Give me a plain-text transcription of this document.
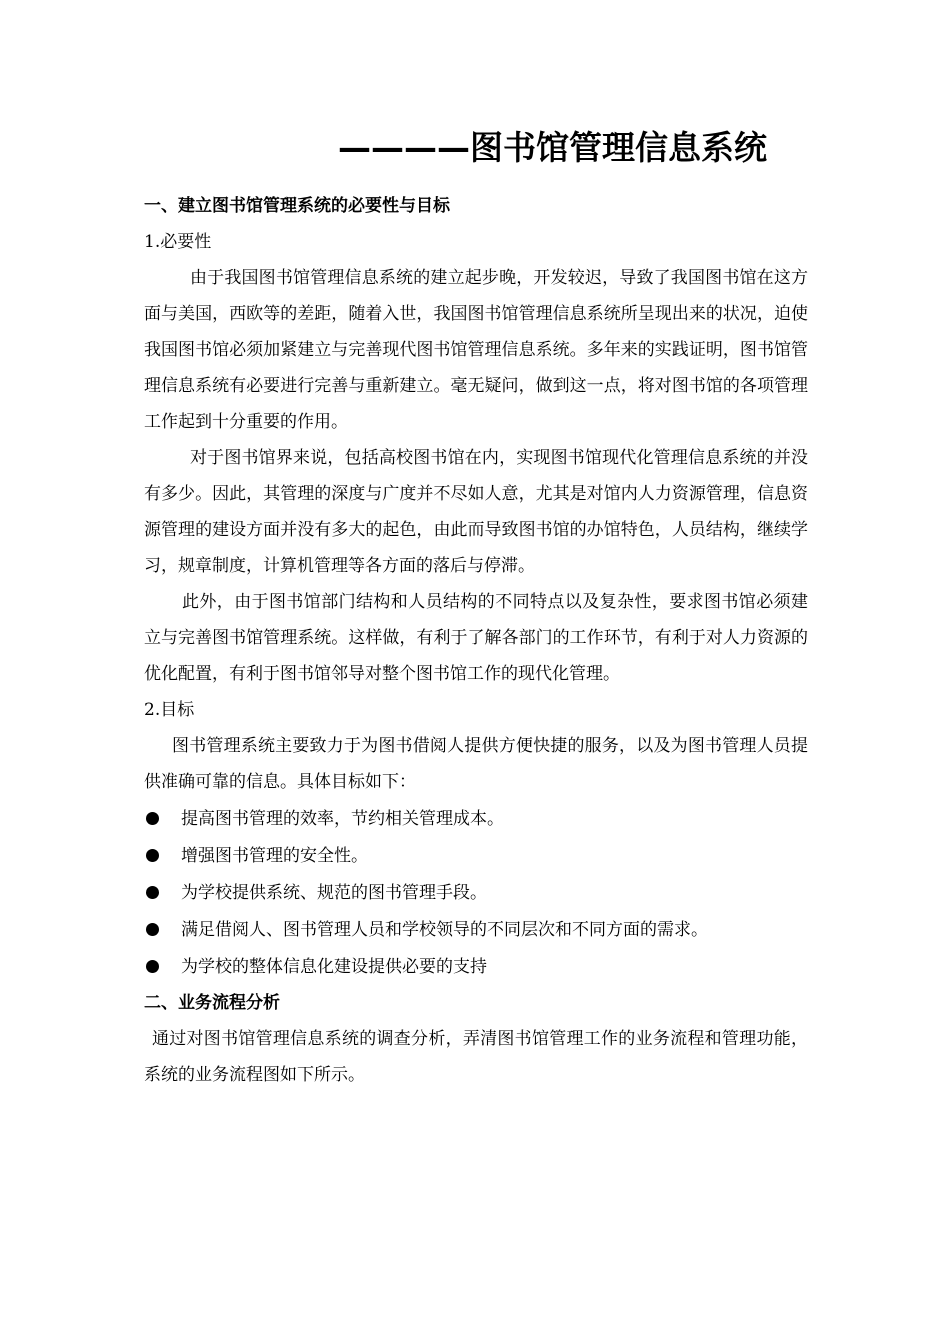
————图书馆管理信息系统

一、建立图书馆管理系统的必要性与目标

1.必要性

由于我国图书馆管理信息系统的建立起步晚，开发较迟，导致了我国图书馆在这方面与美国，西欧等的差距，随着入世，我国图书馆管理信息系统所呈现出来的状况，迫使我国图书馆必须加紧建立与完善现代图书馆管理信息系统。多年来的实践证明，图书馆管理信息系统有必要进行完善与重新建立。毫无疑问，做到这一点，将对图书馆的各项管理工作起到十分重要的作用。

对于图书馆界来说，包括高校图书馆在内，实现图书馆现代化管理信息系统的并没有多少。因此，其管理的深度与广度并不尽如人意，尤其是对馆内人力资源管理，信息资源管理的建设方面并没有多大的起色，由此而导致图书馆的办馆特色，人员结构，继续学习，规章制度，计算机管理等各方面的落后与停滞。

此外，由于图书馆部门结构和人员结构的不同特点以及复杂性，要求图书馆必须建立与完善图书馆管理系统。这样做，有利于了解各部门的工作环节，有利于对人力资源的优化配置，有利于图书馆邻导对整个图书馆工作的现代化管理。

2.目标

图书管理系统主要致力于为图书借阅人提供方便快捷的服务，以及为图书管理人员提供准确可靠的信息。具体目标如下：

提高图书管理的效率，节约相关管理成本。
增强图书管理的安全性。
为学校提供系统、规范的图书管理手段。
满足借阅人、图书管理人员和学校领导的不同层次和不同方面的需求。
为学校的整体信息化建设提供必要的支持

二、业务流程分析

通过对图书馆管理信息系统的调查分析，弄清图书馆管理工作的业务流程和管理功能，系统的业务流程图如下所示。
